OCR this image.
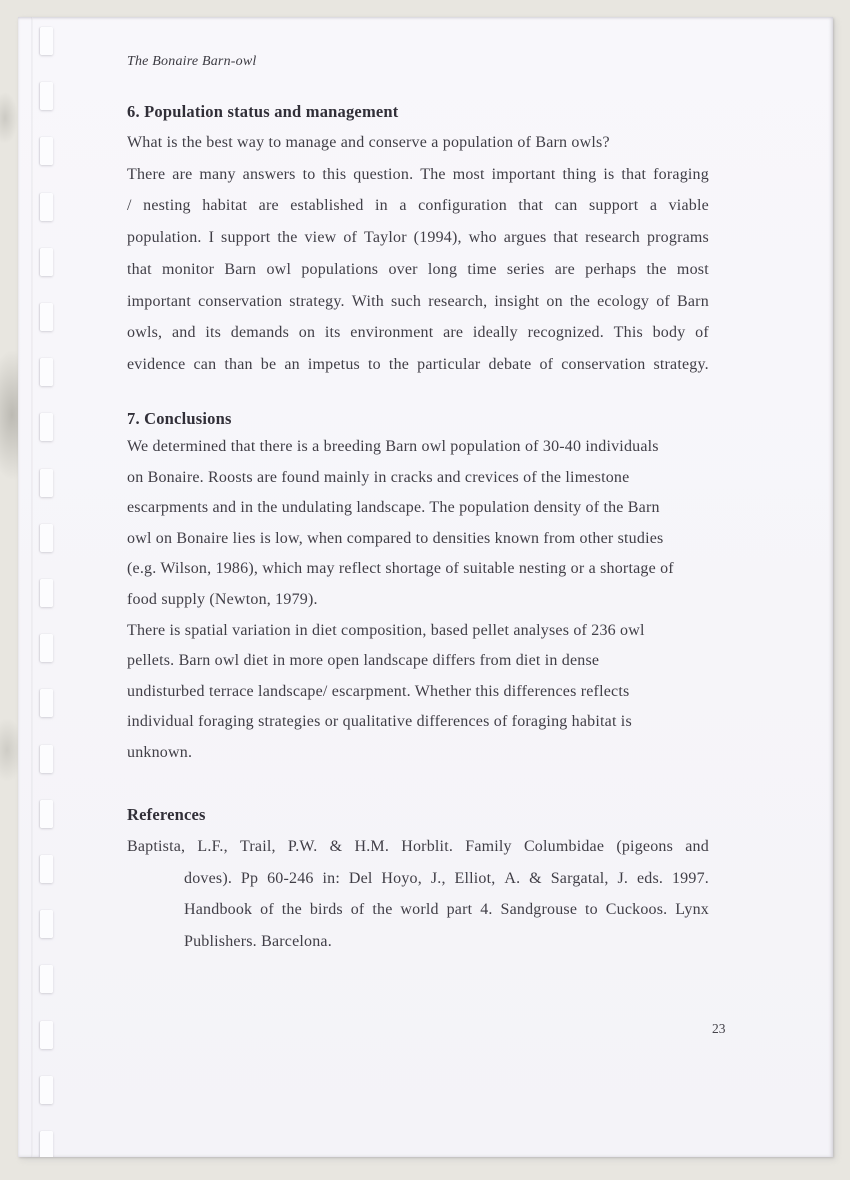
The Bonaire Barn-owl
6. Population status and management
What is the best way to manage and conserve a population of Barn owls?
There are many answers to this question. The most important thing is that foraging
/ nesting habitat are established in a configuration that can support a viable
population. I support the view of Taylor (1994), who argues that research programs
that monitor Barn owl populations over long time series are perhaps the most
important conservation strategy. With such research, insight on the ecology of Barn
owls, and its demands on its environment are ideally recognized. This body of
evidence can than be an impetus to the particular debate of conservation strategy.
7. Conclusions
We determined that there is a breeding Barn owl population of 30-40 individuals
on Bonaire. Roosts are found mainly in cracks and crevices of the limestone
escarpments and in the undulating landscape. The population density of the Barn
owl on Bonaire lies is low, when compared to densities known from other studies
(e.g. Wilson, 1986), which may reflect shortage of suitable nesting or a shortage of
food supply (Newton, 1979).
There is spatial variation in diet composition, based pellet analyses of 236 owl
pellets. Barn owl diet in more open landscape differs from diet in dense
undisturbed terrace landscape/ escarpment. Whether this differences reflects
individual foraging strategies or qualitative differences of foraging habitat is
unknown.
References
Baptista, L.F., Trail, P.W. & H.M. Horblit. Family Columbidae (pigeons and
doves). Pp 60-246 in: Del Hoyo, J., Elliot, A. & Sargatal, J. eds. 1997.
Handbook of the birds of the world part 4. Sandgrouse to Cuckoos. Lynx
Publishers. Barcelona.
23
